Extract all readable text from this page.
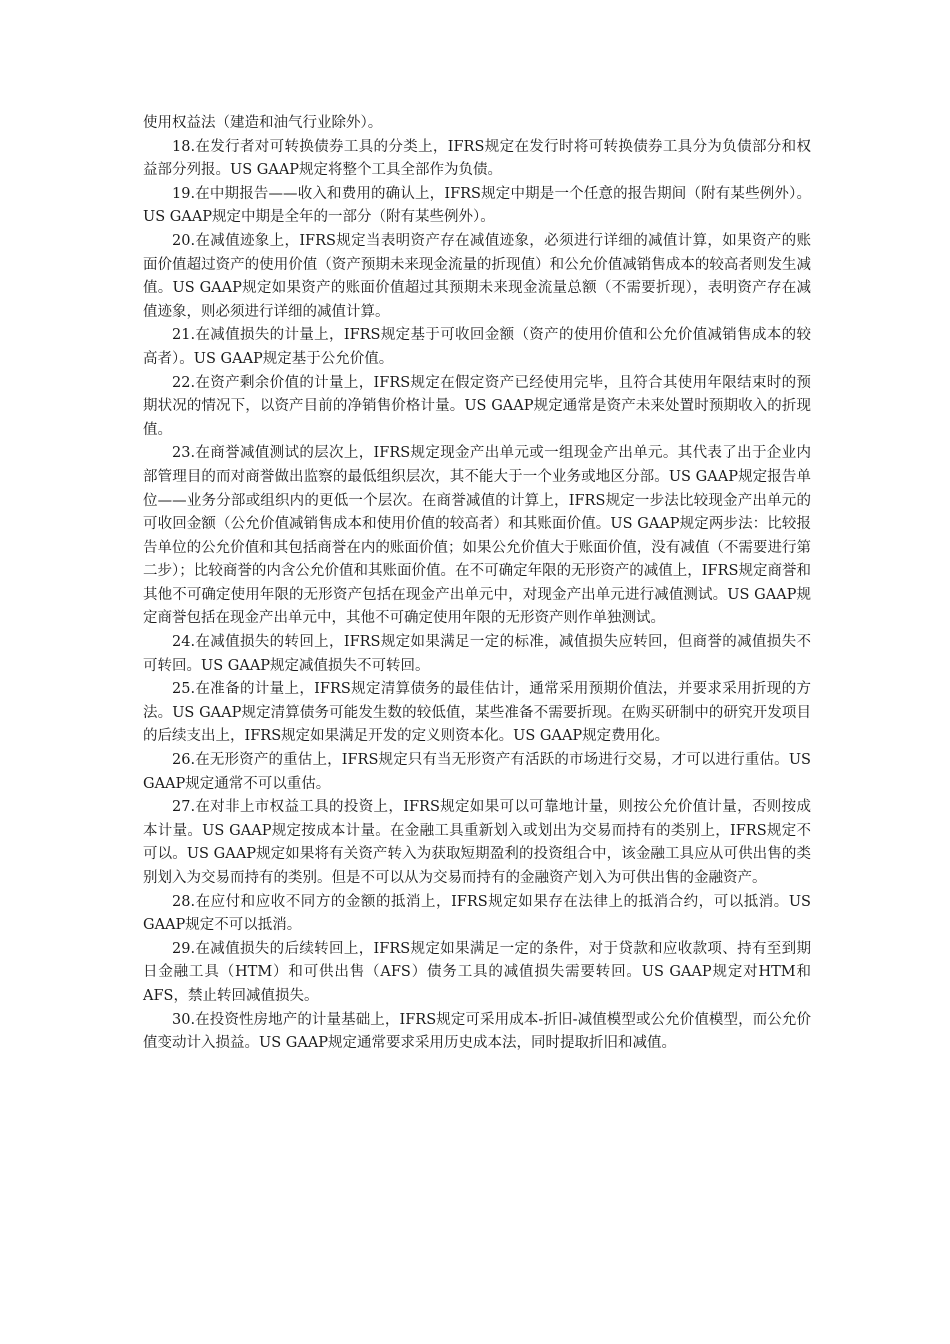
使用权益法（建造和油气行业除外）。

18.在发行者对可转换债券工具的分类上，IFRS规定在发行时将可转换债券工具分为负债部分和权益部分列报。US GAAP规定将整个工具全部作为负债。

19.在中期报告——收入和费用的确认上，IFRS规定中期是一个任意的报告期间（附有某些例外）。US GAAP规定中期是全年的一部分（附有某些例外）。

20.在减值迹象上，IFRS规定当表明资产存在减值迹象，必须进行详细的减值计算，如果资产的账面价值超过资产的使用价值（资产预期未来现金流量的折现值）和公允价值减销售成本的较高者则发生减值。US GAAP规定如果资产的账面价值超过其预期未来现金流量总额（不需要折现），表明资产存在减值迹象，则必须进行详细的减值计算。

21.在减值损失的计量上，IFRS规定基于可收回金额（资产的使用价值和公允价值减销售成本的较高者）。US GAAP规定基于公允价值。

22.在资产剩余价值的计量上，IFRS规定在假定资产已经使用完毕，且符合其使用年限结束时的预期状况的情况下，以资产目前的净销售价格计量。US GAAP规定通常是资产未来处置时预期收入的折现值。

23.在商誉减值测试的层次上，IFRS规定现金产出单元或一组现金产出单元。其代表了出于企业内部管理目的而对商誉做出监察的最低组织层次，其不能大于一个业务或地区分部。US GAAP规定报告单位——业务分部或组织内的更低一个层次。在商誉减值的计算上，IFRS规定一步法比较现金产出单元的可收回金额（公允价值减销售成本和使用价值的较高者）和其账面价值。US GAAP规定两步法：比较报告单位的公允价值和其包括商誉在内的账面价值；如果公允价值大于账面价值，没有减值（不需要进行第二步）；比较商誉的内含公允价值和其账面价值。在不可确定年限的无形资产的减值上，IFRS规定商誉和其他不可确定使用年限的无形资产包括在现金产出单元中，对现金产出单元进行减值测试。US GAAP规定商誉包括在现金产出单元中，其他不可确定使用年限的无形资产则作单独测试。

24.在减值损失的转回上，IFRS规定如果满足一定的标准，减值损失应转回，但商誉的减值损失不可转回。US GAAP规定减值损失不可转回。

25.在准备的计量上，IFRS规定清算债务的最佳估计，通常采用预期价值法，并要求采用折现的方法。US GAAP规定清算债务可能发生数的较低值，某些准备不需要折现。在购买研制中的研究开发项目的后续支出上，IFRS规定如果满足开发的定义则资本化。US GAAP规定费用化。

26.在无形资产的重估上，IFRS规定只有当无形资产有活跃的市场进行交易，才可以进行重估。US GAAP规定通常不可以重估。

27.在对非上市权益工具的投资上，IFRS规定如果可以可靠地计量，则按公允价值计量，否则按成本计量。US GAAP规定按成本计量。在金融工具重新划入或划出为交易而持有的类别上，IFRS规定不可以。US GAAP规定如果将有关资产转入为获取短期盈利的投资组合中，该金融工具应从可供出售的类别划入为交易而持有的类别。但是不可以从为交易而持有的金融资产划入为可供出售的金融资产。

28.在应付和应收不同方的金额的抵消上，IFRS规定如果存在法律上的抵消合约，可以抵消。US GAAP规定不可以抵消。

29.在减值损失的后续转回上，IFRS规定如果满足一定的条件，对于贷款和应收款项、持有至到期日金融工具（HTM）和可供出售（AFS）债务工具的减值损失需要转回。US GAAP规定对HTM和AFS，禁止转回减值损失。

30.在投资性房地产的计量基础上，IFRS规定可采用成本-折旧-减值模型或公允价值模型，而公允价值变动计入损益。US GAAP规定通常要求采用历史成本法，同时提取折旧和减值。
